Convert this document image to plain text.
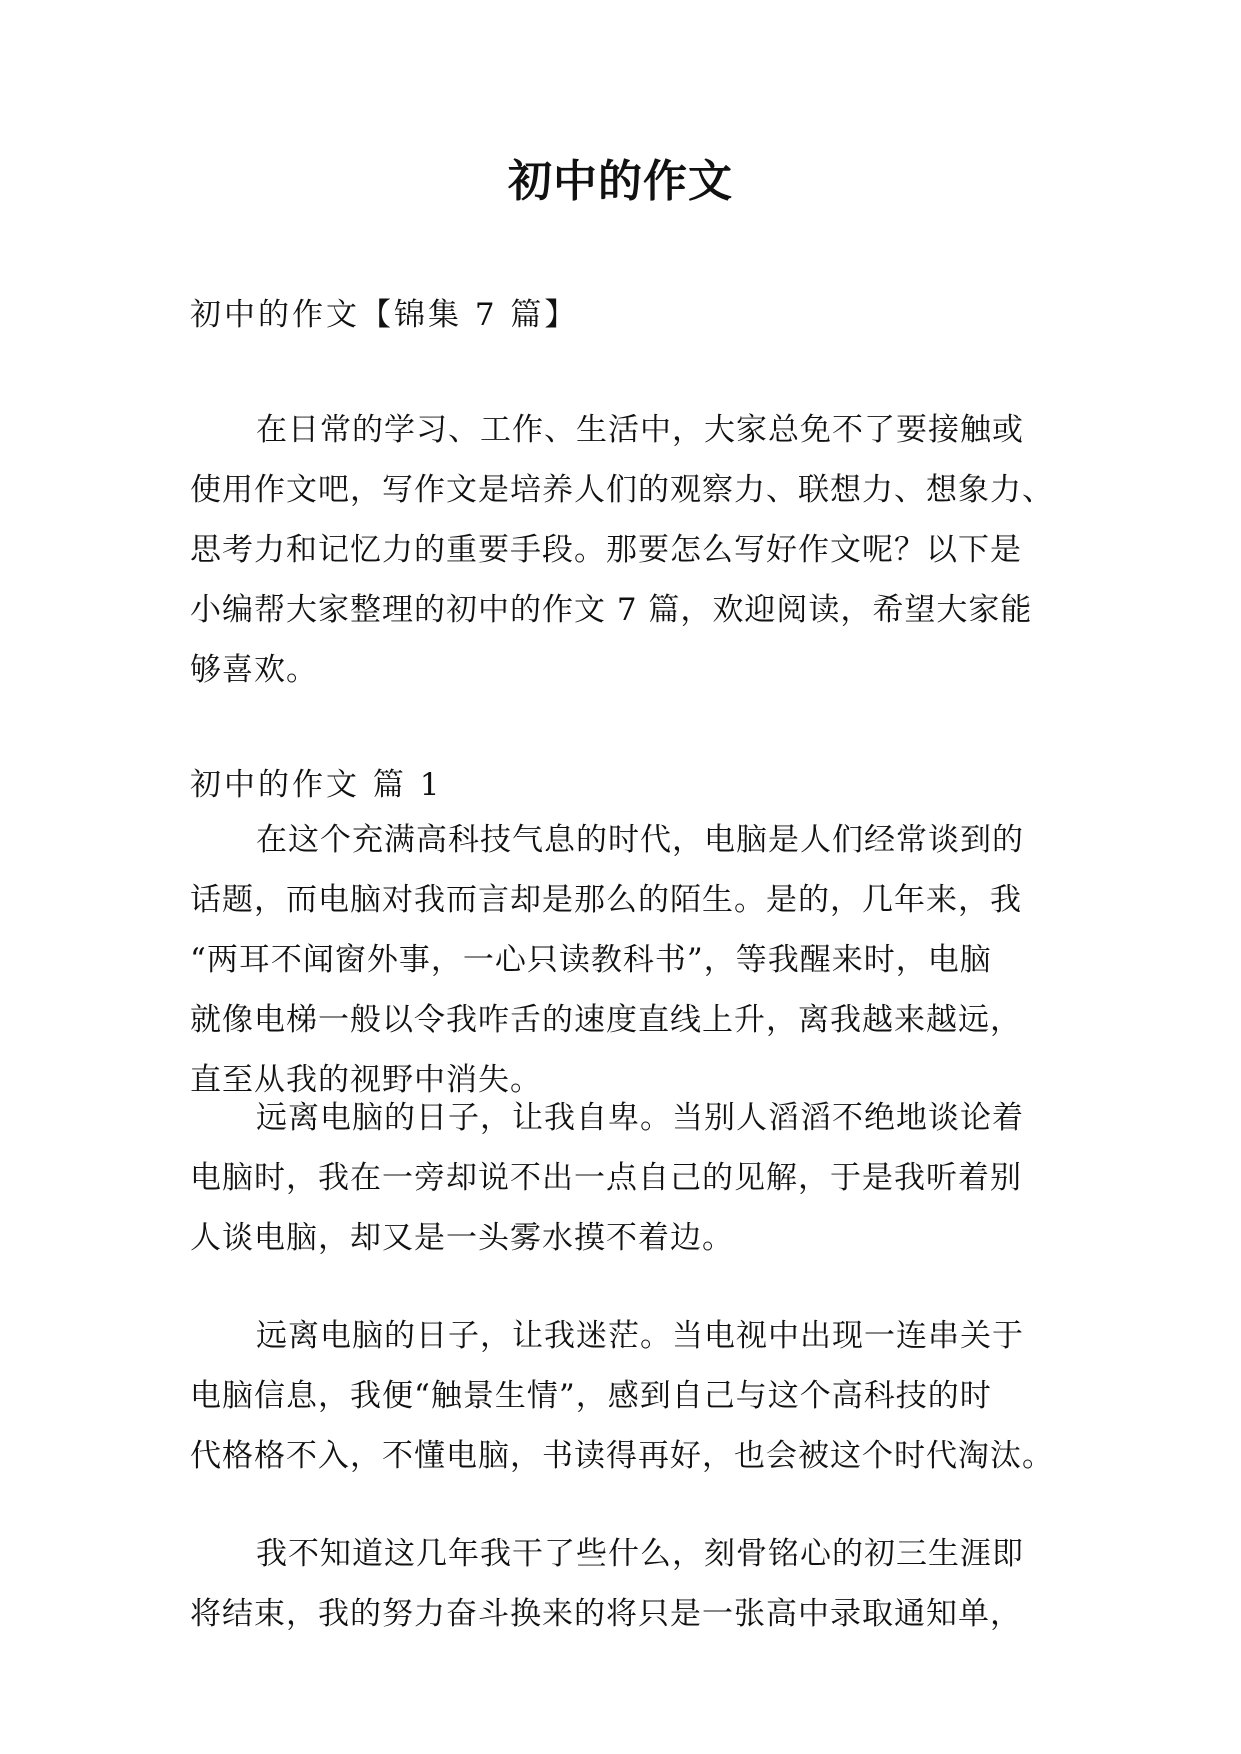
初中的作文
初中的作文【锦集 7 篇】
在日常的学习、工作、生活中，大家总免不了要接触或
使用作文吧，写作文是培养人们的观察力、联想力、想象力、
思考力和记忆力的重要手段。那要怎么写好作文呢？以下是
小编帮大家整理的初中的作文 7 篇，欢迎阅读，希望大家能
够喜欢。
初中的作文 篇 1
在这个充满高科技气息的时代，电脑是人们经常谈到的
话题，而电脑对我而言却是那么的陌生。是的，几年来，我
“两耳不闻窗外事，一心只读教科书”，等我醒来时，电脑
就像电梯一般以令我咋舌的速度直线上升，离我越来越远，
直至从我的视野中消失。
远离电脑的日子，让我自卑。当别人滔滔不绝地谈论着
电脑时，我在一旁却说不出一点自己的见解，于是我听着别
人谈电脑，却又是一头雾水摸不着边。
远离电脑的日子，让我迷茫。当电视中出现一连串关于
电脑信息，我便“触景生情”，感到自己与这个高科技的时
代格格不入，不懂电脑，书读得再好，也会被这个时代淘汰。
我不知道这几年我干了些什么，刻骨铭心的初三生涯即
将结束，我的努力奋斗换来的将只是一张高中录取通知单，
